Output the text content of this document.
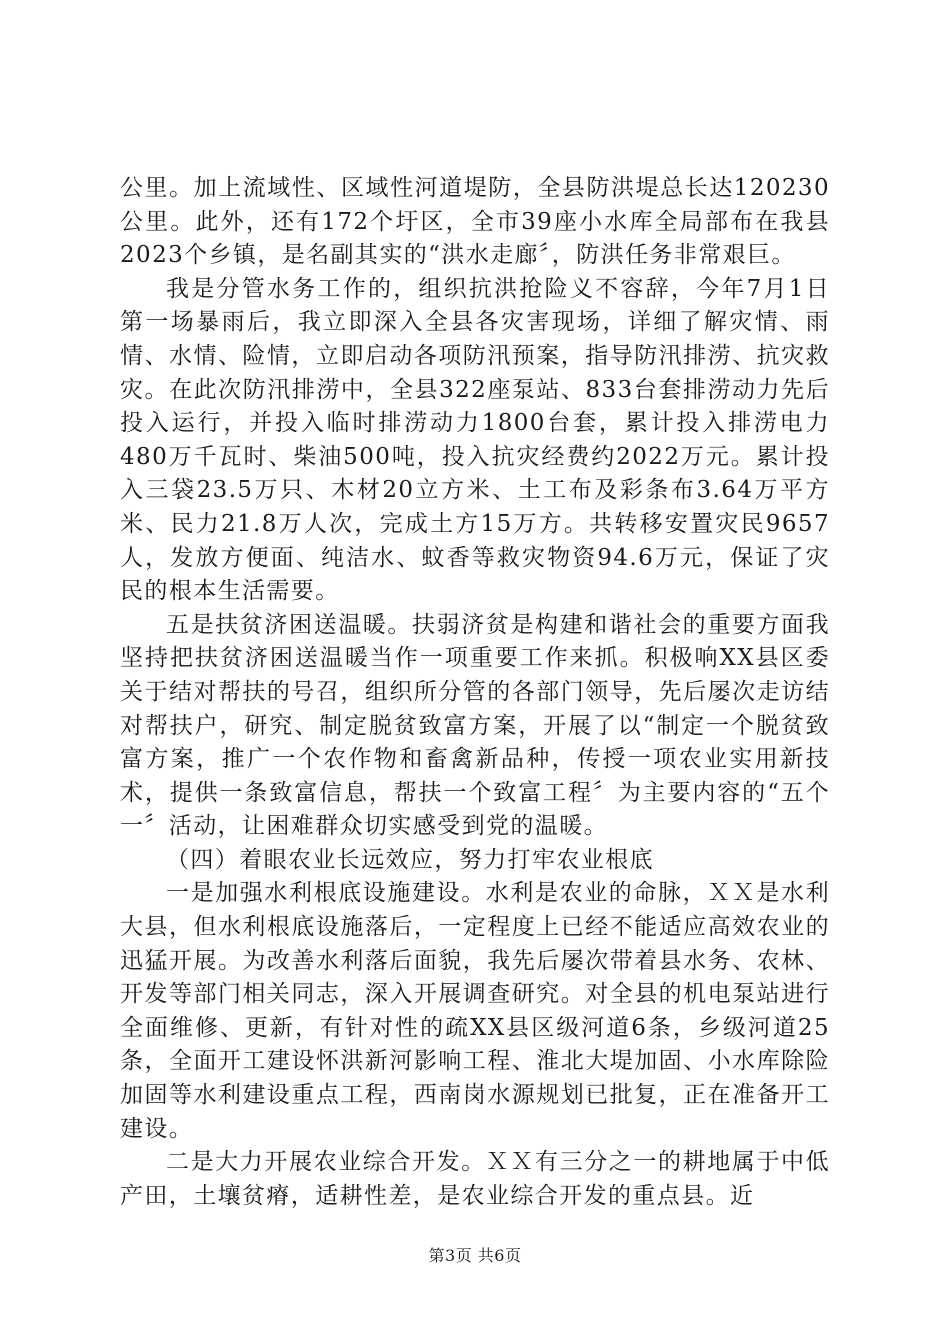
公里。加上流域性、区域性河道堤防，全县防洪堤总长达120230公里。此外，还有172个圩区，全市39座小水库全局部布在我县2023个乡镇，是名副其实的“洪水走廊〞，防洪任务非常艰巨。

我是分管水务工作的，组织抗洪抢险义不容辞，今年7月1日第一场暴雨后，我立即深入全县各灾害现场，详细了解灾情、雨情、水情、险情，立即启动各项防汛预案，指导防汛排涝、抗灾救灾。在此次防汛排涝中，全县322座泵站、833台套排涝动力先后投入运行，并投入临时排涝动力1800台套，累计投入排涝电力480万千瓦时、柴油500吨，投入抗灾经费约2022万元。累计投入三袋23.5万只、木材20立方米、土工布及彩条布3.64万平方米、民力21.8万人次，完成土方15万方。共转移安置灾民9657人，发放方便面、纯洁水、蚊香等救灾物资94.6万元，保证了灾民的根本生活需要。

五是扶贫济困送温暖。扶弱济贫是构建和谐社会的重要方面我坚持把扶贫济困送温暖当作一项重要工作来抓。积极响XX县区委关于结对帮扶的号召，组织所分管的各部门领导，先后屡次走访结对帮扶户，研究、制定脱贫致富方案，开展了以“制定一个脱贫致富方案，推广一个农作物和畜禽新品种，传授一项农业实用新技术，提供一条致富信息，帮扶一个致富工程〞为主要内容的“五个一〞活动，让困难群众切实感受到党的温暖。

（四）着眼农业长远效应，努力打牢农业根底

一是加强水利根底设施建设。水利是农业的命脉，ＸＸ是水利大县，但水利根底设施落后，一定程度上已经不能适应高效农业的迅猛开展。为改善水利落后面貌，我先后屡次带着县水务、农林、开发等部门相关同志，深入开展调查研究。对全县的机电泵站进行全面维修、更新，有针对性的疏XX县区级河道6条，乡级河道25条，全面开工建设怀洪新河影响工程、淮北大堤加固、小水库除险加固等水利建设重点工程，西南岗水源规划已批复，正在准备开工建设。

二是大力开展农业综合开发。ＸＸ有三分之一的耕地属于中低产田，土壤贫瘠，适耕性差，是农业综合开发的重点县。近

第3页 共6页
